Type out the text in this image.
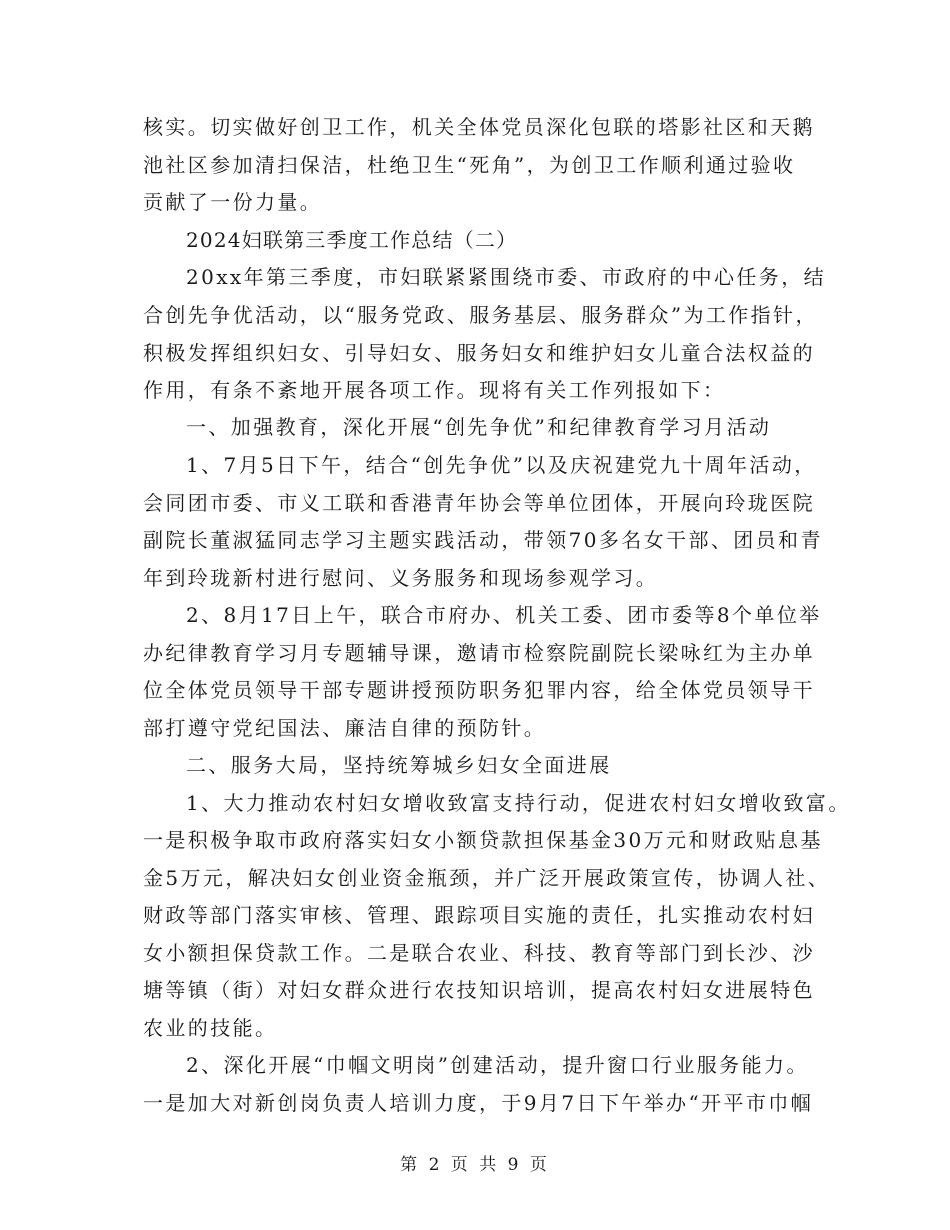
核实。切实做好创卫工作，机关全体党员深化包联的塔影社区和天鹅
池社区参加清扫保洁，杜绝卫生“死角”，为创卫工作顺利通过验收
贡献了一份力量。
2024妇联第三季度工作总结（二）
20xx年第三季度，市妇联紧紧围绕市委、市政府的中心任务，结
合创先争优活动，以“服务党政、服务基层、服务群众”为工作指针，
积极发挥组织妇女、引导妇女、服务妇女和维护妇女儿童合法权益的
作用，有条不紊地开展各项工作。现将有关工作列报如下：
一、加强教育，深化开展“创先争优”和纪律教育学习月活动
1、7月5日下午，结合“创先争优”以及庆祝建党九十周年活动，
会同团市委、市义工联和香港青年协会等单位团体，开展向玲珑医院
副院长董淑猛同志学习主题实践活动，带领70多名女干部、团员和青
年到玲珑新村进行慰问、义务服务和现场参观学习。
2、8月17日上午，联合市府办、机关工委、团市委等8个单位举
办纪律教育学习月专题辅导课，邀请市检察院副院长梁咏红为主办单
位全体党员领导干部专题讲授预防职务犯罪内容，给全体党员领导干
部打遵守党纪国法、廉洁自律的预防针。
二、服务大局，坚持统筹城乡妇女全面进展
1、大力推动农村妇女增收致富支持行动，促进农村妇女增收致富。
一是积极争取市政府落实妇女小额贷款担保基金30万元和财政贴息基
金5万元，解决妇女创业资金瓶颈，并广泛开展政策宣传，协调人社、
财政等部门落实审核、管理、跟踪项目实施的责任，扎实推动农村妇
女小额担保贷款工作。二是联合农业、科技、教育等部门到长沙、沙
塘等镇（街）对妇女群众进行农技知识培训，提高农村妇女进展特色
农业的技能。
2、深化开展“巾帼文明岗”创建活动，提升窗口行业服务能力。
一是加大对新创岗负责人培训力度，于9月7日下午举办“开平市巾帼
第 2 页 共 9 页
